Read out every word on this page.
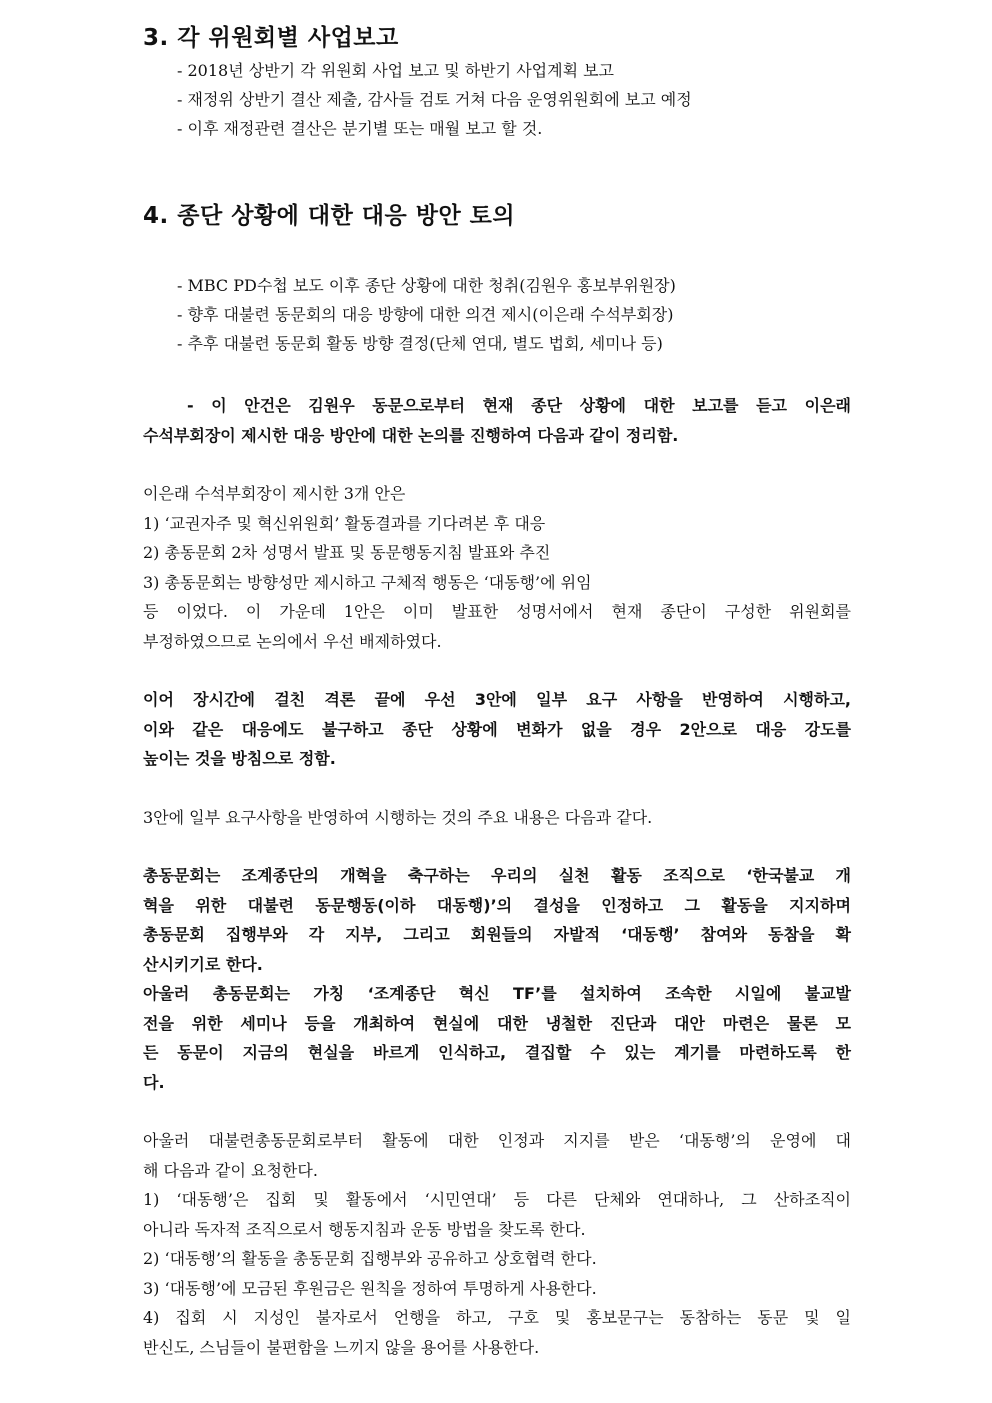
3. 각 위원회별 사업보고
- 2018년 상반기 각 위원회 사업 보고 및 하반기 사업계획 보고
- 재정위 상반기 결산 제출, 감사들 검토 거쳐 다음 운영위원회에 보고 예정
- 이후 재정관련 결산은 분기별 또는 매월 보고 할 것.
4. 종단 상황에 대한 대응 방안 토의
- MBC PD수첩 보도 이후 종단 상황에 대한 청취(김원우 홍보부위원장)
- 향후 대불련 동문회의 대응 방향에 대한 의견 제시(이은래 수석부회장)
- 추후 대불련 동문회 활동 방향 결정(단체 연대, 별도 법회, 세미나 등)
- 이 안건은 김원우 동문으로부터 현재 종단 상황에 대한 보고를 듣고 이은래
수석부회장이 제시한 대응 방안에 대한 논의를 진행하여 다음과 같이 정리함.
이은래 수석부회장이 제시한 3개 안은
1) ‘교권자주 및 혁신위원회’ 활동결과를 기다려본 후 대응
2) 총동문회 2차 성명서 발표 및 동문행동지침 발표와 추진
3) 총동문회는 방향성만 제시하고 구체적 행동은 ‘대동행’에 위임
등 이었다. 이 가운데 1안은 이미 발표한 성명서에서 현재 종단이 구성한 위원회를
부정하였으므로 논의에서 우선 배제하였다.
이어 장시간에 걸친 격론 끝에 우선 3안에 일부 요구 사항을 반영하여 시행하고,
이와 같은 대응에도 불구하고 종단 상황에 변화가 없을 경우 2안으로 대응 강도를
높이는 것을 방침으로 정함.
3안에 일부 요구사항을 반영하여 시행하는 것의 주요 내용은 다음과 같다.
총동문회는 조계종단의 개혁을 축구하는 우리의 실천 활동 조직으로 ‘한국불교 개
혁을 위한 대불련 동문행동(이하 대동행)’의 결성을 인정하고 그 활동을 지지하며
총동문회 집행부와 각 지부, 그리고 회원들의 자발적 ‘대동행’ 참여와 동참을 확
산시키기로 한다.
아울러 총동문회는 가칭 ‘조계종단 혁신 TF’를 설치하여 조속한 시일에 불교발
전을 위한 세미나 등을 개최하여 현실에 대한 냉철한 진단과 대안 마련은 물론 모
든 동문이 지금의 현실을 바르게 인식하고, 결집할 수 있는 계기를 마련하도록 한
다.
아울러 대불련총동문회로부터 활동에 대한 인정과 지지를 받은 ‘대동행’의 운영에 대
해 다음과 같이 요청한다.
1) ‘대동행’은 집회 및 활동에서 ‘시민연대’ 등 다른 단체와 연대하나, 그 산하조직이
아니라 독자적 조직으로서 행동지침과 운동 방법을 찾도록 한다.
2) ‘대동행’의 활동을 총동문회 집행부와 공유하고 상호협력 한다.
3) ‘대동행’에 모금된 후원금은 원칙을 정하여 투명하게 사용한다.
4) 집회 시 지성인 불자로서 언행을 하고, 구호 및 홍보문구는 동참하는 동문 및 일
반신도, 스님들이 불편함을 느끼지 않을 용어를 사용한다.
